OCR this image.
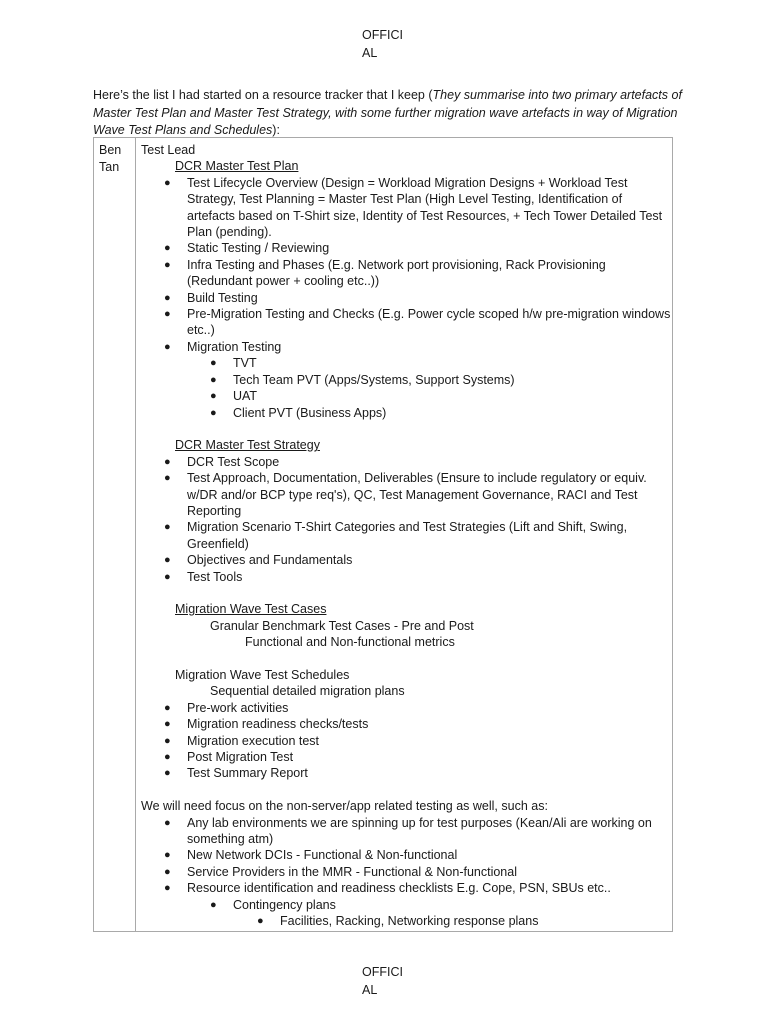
OFFICI
AL
Here’s the list I had started on a resource tracker that I keep (They summarise into two primary artefacts of Master Test Plan and Master Test Strategy, with some further migration wave artefacts in way of Migration Wave Test Plans and Schedules):
Ben
Tan
Test Lead
DCR Master Test Plan
● Test Lifecycle Overview (Design = Workload Migration Designs + Workload Test Strategy, Test Planning = Master Test Plan (High Level Testing, Identification of artefacts based on T-Shirt size, Identity of Test Resources, + Tech Tower Detailed Test Plan (pending).
● Static Testing / Reviewing
● Infra Testing and Phases (E.g. Network port provisioning, Rack Provisioning (Redundant power + cooling etc..))
● Build Testing
● Pre-Migration Testing and Checks (E.g. Power cycle scoped h/w pre-migration windows etc..)
● Migration Testing
● TVT
● Tech Team PVT (Apps/Systems, Support Systems)
● UAT
● Client PVT (Business Apps)
DCR Master Test Strategy
● DCR Test Scope
● Test Approach, Documentation, Deliverables (Ensure to include regulatory or equiv. w/DR and/or BCP type req's), QC, Test Management Governance, RACI and Test Reporting
● Migration Scenario T-Shirt Categories and Test Strategies (Lift and Shift, Swing, Greenfield)
● Objectives and Fundamentals
● Test Tools
Migration Wave Test Cases
Granular Benchmark Test Cases - Pre and Post
Functional and Non-functional metrics
Migration Wave Test Schedules
Sequential detailed migration plans
● Pre-work activities
● Migration readiness checks/tests
● Migration execution test
● Post Migration Test
● Test Summary Report
We will need focus on the non-server/app related testing as well, such as:
● Any lab environments we are spinning up for test purposes (Kean/Ali are working on something atm)
● New Network DCIs - Functional & Non-functional
● Service Providers in the MMR - Functional & Non-functional
● Resource identification and readiness checklists E.g. Cope, PSN, SBUs etc..
● Contingency plans
● Facilities, Racking, Networking response plans
OFFICI
AL
